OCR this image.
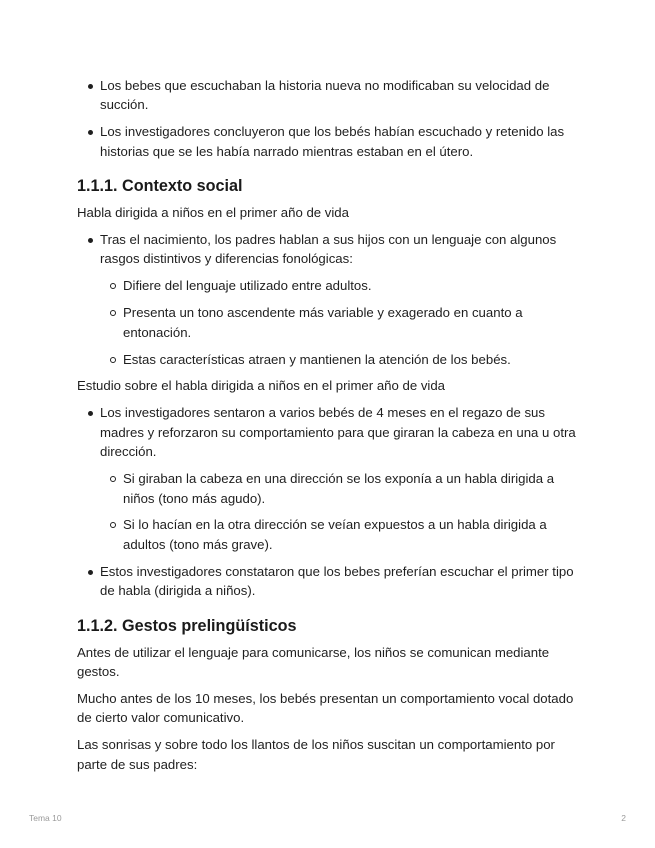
Los bebes que escuchaban la historia nueva no modificaban su velocidad de succión.
Los investigadores concluyeron que los bebés habían escuchado y retenido las historias que se les había narrado mientras estaban en el útero.
1.1.1. Contexto social

Habla dirigida a niños en el primer año de vida

Tras el nacimiento, los padres hablan a sus hijos con un lenguaje con algunos rasgos distintivos y diferencias fonológicas:
Difiere del lenguaje utilizado entre adultos.
Presenta un tono ascendente más variable y exagerado en cuanto a entonación.
Estas características atraen y mantienen la atención de los bebés.

Estudio sobre el habla dirigida a niños en el primer año de vida

Los investigadores sentaron a varios bebés de 4 meses en el regazo de sus madres y reforzaron su comportamiento para que giraran la cabeza en una u otra dirección.
Si giraban la cabeza en una dirección se los exponía a un habla dirigida a niños (tono más agudo).
Si lo hacían en la otra dirección se veían expuestos a un habla dirigida a adultos (tono más grave).
Estos investigadores constataron que los bebes preferían escuchar el primer tipo de habla (dirigida a niños).
1.1.2. Gestos prelingüísticos

Antes de utilizar el lenguaje para comunicarse, los niños se comunican mediante gestos.

Mucho antes de los 10 meses, los bebés presentan un comportamiento vocal dotado de cierto valor comunicativo.

Las sonrisas y sobre todo los llantos de los niños suscitan un comportamiento por parte de sus padres:

Tema 10	2
